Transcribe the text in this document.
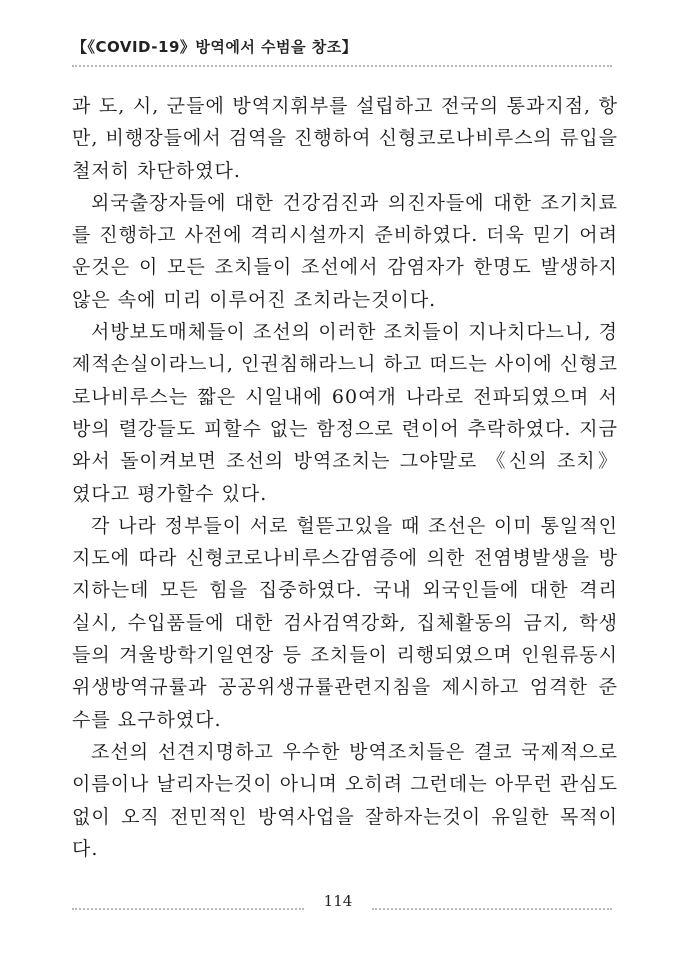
【《COVID-19》방역에서 수범을 창조】

과 도, 시, 군들에 방역지휘부를 설립하고 전국의 통과지점, 항만, 비행장들에서 검역을 진행하여 신형코로나비루스의 류입을 철저히 차단하였다.

외국출장자들에 대한 건강검진과 의진자들에 대한 조기치료를 진행하고 사전에 격리시설까지 준비하였다. 더욱 믿기 어려운것은 이 모든 조치들이 조선에서 감염자가 한명도 발생하지 않은 속에 미리 이루어진 조치라는것이다.

서방보도매체들이 조선의 이러한 조치들이 지나치다느니, 경제적손실이라느니, 인권침해라느니 하고 떠드는 사이에 신형코로나비루스는 짧은 시일내에 60여개 나라로 전파되였으며 서방의 렬강들도 피할수 없는 함정으로 련이어 추락하였다. 지금 와서 돌이켜보면 조선의 방역조치는 그야말로 《신의 조치》였다고 평가할수 있다.

각 나라 정부들이 서로 헐뜯고있을 때 조선은 이미 통일적인 지도에 따라 신형코로나비루스감염증에 의한 전염병발생을 방지하는데 모든 힘을 집중하였다. 국내 외국인들에 대한 격리 실시, 수입품들에 대한 검사검역강화, 집체활동의 금지, 학생들의 겨울방학기일연장 등 조치들이 리행되였으며 인원류동시 위생방역규률과 공공위생규률관련지침을 제시하고 엄격한 준수를 요구하였다.

조선의 선견지명하고 우수한 방역조치들은 결코 국제적으로 이름이나 날리자는것이 아니며 오히려 그런데는 아무런 관심도 없이 오직 전민적인 방역사업을 잘하자는것이 유일한 목적이다.

114
